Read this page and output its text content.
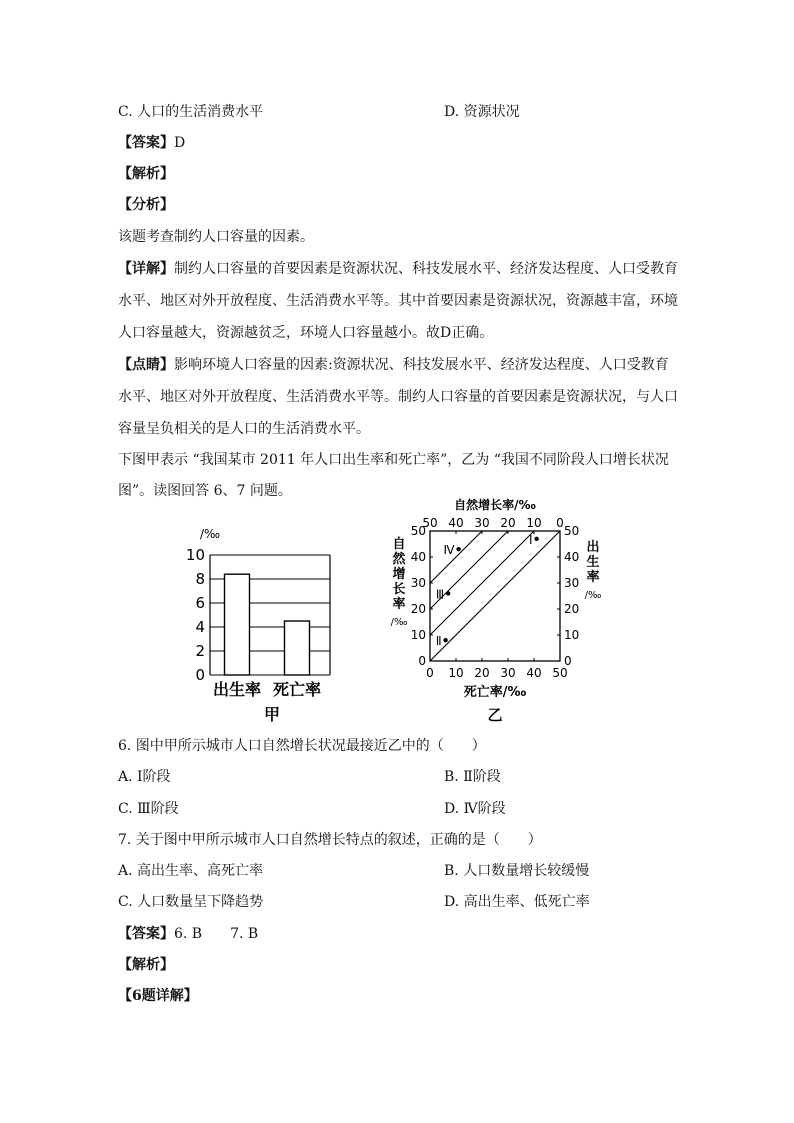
C. 人口的生活消费水平	D. 资源状况
【答案】D
【解析】
【分析】
该题考查制约人口容量的因素。
【详解】制约人口容量的首要因素是资源状况、科技发展水平、经济发达程度、人口受教育
水平、地区对外开放程度、生活消费水平等。其中首要因素是资源状况，资源越丰富，环境
人口容量越大，资源越贫乏，环境人口容量越小。故D正确。
【点睛】影响环境人口容量的因素:资源状况、科技发展水平、经济发达程度、人口受教育
水平、地区对外开放程度、生活消费水平等。制约人口容量的首要因素是资源状况，与人口
容量呈负相关的是人口的生活消费水平。
下图甲表示 “我国某市 2011 年人口出生率和死亡率”，乙为 “我国不同阶段人口增长状况
图”。读图回答 6、7 问题。
/‰
0
2
4
6
8
10
出生率 死亡率
甲
自然增长率/‰
0 10 20 30 40 50
50 40 30 20 10 0
0
10
20
30
40
50
0
10
20
30
40
50
自
然
增
长
率
/‰
出
生
率
/‰
死亡率/‰
乙
Ⅰ
Ⅱ
Ⅲ
Ⅳ
6. 图中甲所示城市人口自然增长状况最接近乙中的（　　）
A. Ⅰ阶段	B. Ⅱ阶段
C. Ⅲ阶段	D. Ⅳ阶段
7. 关于图中甲所示城市人口自然增长特点的叙述，正确的是（　　）
A. 高出生率、高死亡率	B. 人口数量增长较缓慢
C. 人口数量呈下降趋势	D. 高出生率、低死亡率
【答案】6. B　　7. B
【解析】
【6题详解】
